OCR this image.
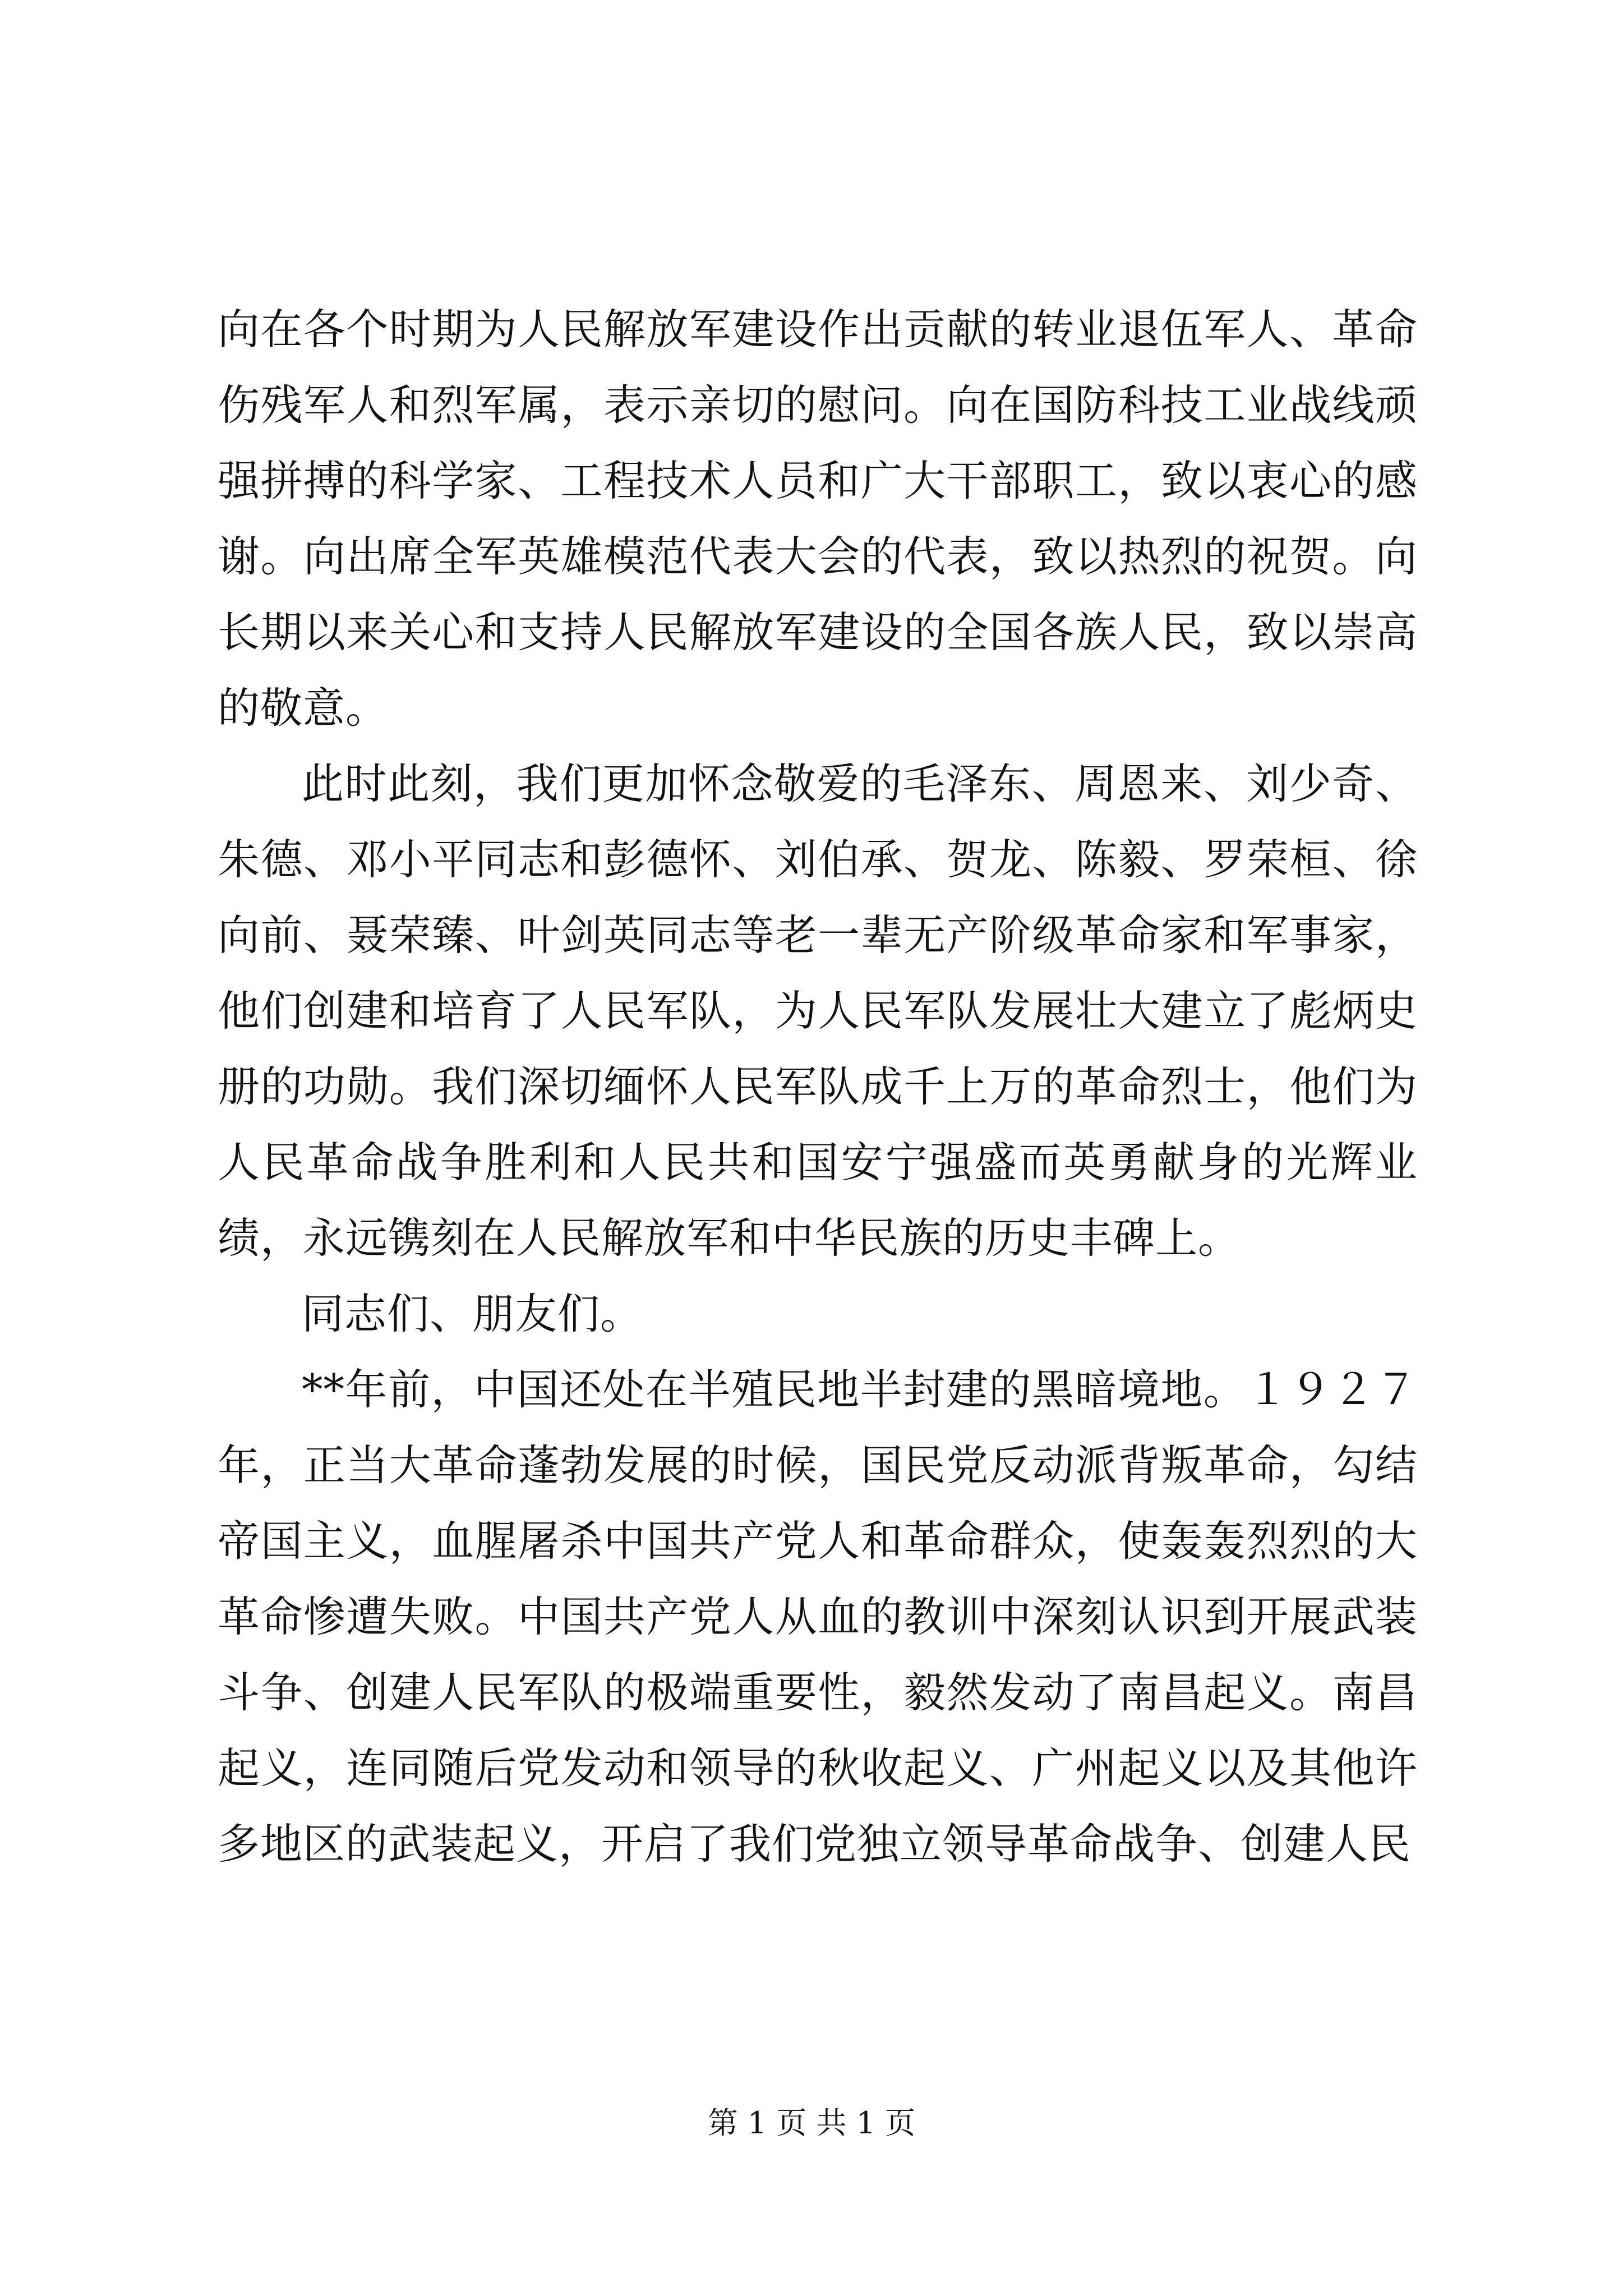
向在各个时期为人民解放军建设作出贡献的转业退伍军人、革命伤残军人和烈军属，表示亲切的慰问。向在国防科技工业战线顽强拼搏的科学家、工程技术人员和广大干部职工，致以衷心的感谢。向出席全军英雄模范代表大会的代表，致以热烈的祝贺。向长期以来关心和支持人民解放军建设的全国各族人民，致以崇高的敬意。

此时此刻，我们更加怀念敬爱的毛泽东、周恩来、刘少奇、朱德、邓小平同志和彭德怀、刘伯承、贺龙、陈毅、罗荣桓、徐向前、聂荣臻、叶剑英同志等老一辈无产阶级革命家和军事家，他们创建和培育了人民军队，为人民军队发展壮大建立了彪炳史册的功勋。我们深切缅怀人民军队成千上万的革命烈士，他们为人民革命战争胜利和人民共和国安宁强盛而英勇献身的光辉业绩，永远镌刻在人民解放军和中华民族的历史丰碑上。

同志们、朋友们。

**年前，中国还处在半殖民地半封建的黑暗境地。１９２７年，正当大革命蓬勃发展的时候，国民党反动派背叛革命，勾结帝国主义，血腥屠杀中国共产党人和革命群众，使轰轰烈烈的大革命惨遭失败。中国共产党人从血的教训中深刻认识到开展武装斗争、创建人民军队的极端重要性，毅然发动了南昌起义。南昌起义，连同随后党发动和领导的秋收起义、广州起义以及其他许多地区的武装起义，开启了我们党独立领导革命战争、创建人民

第 1 页 共 1 页
